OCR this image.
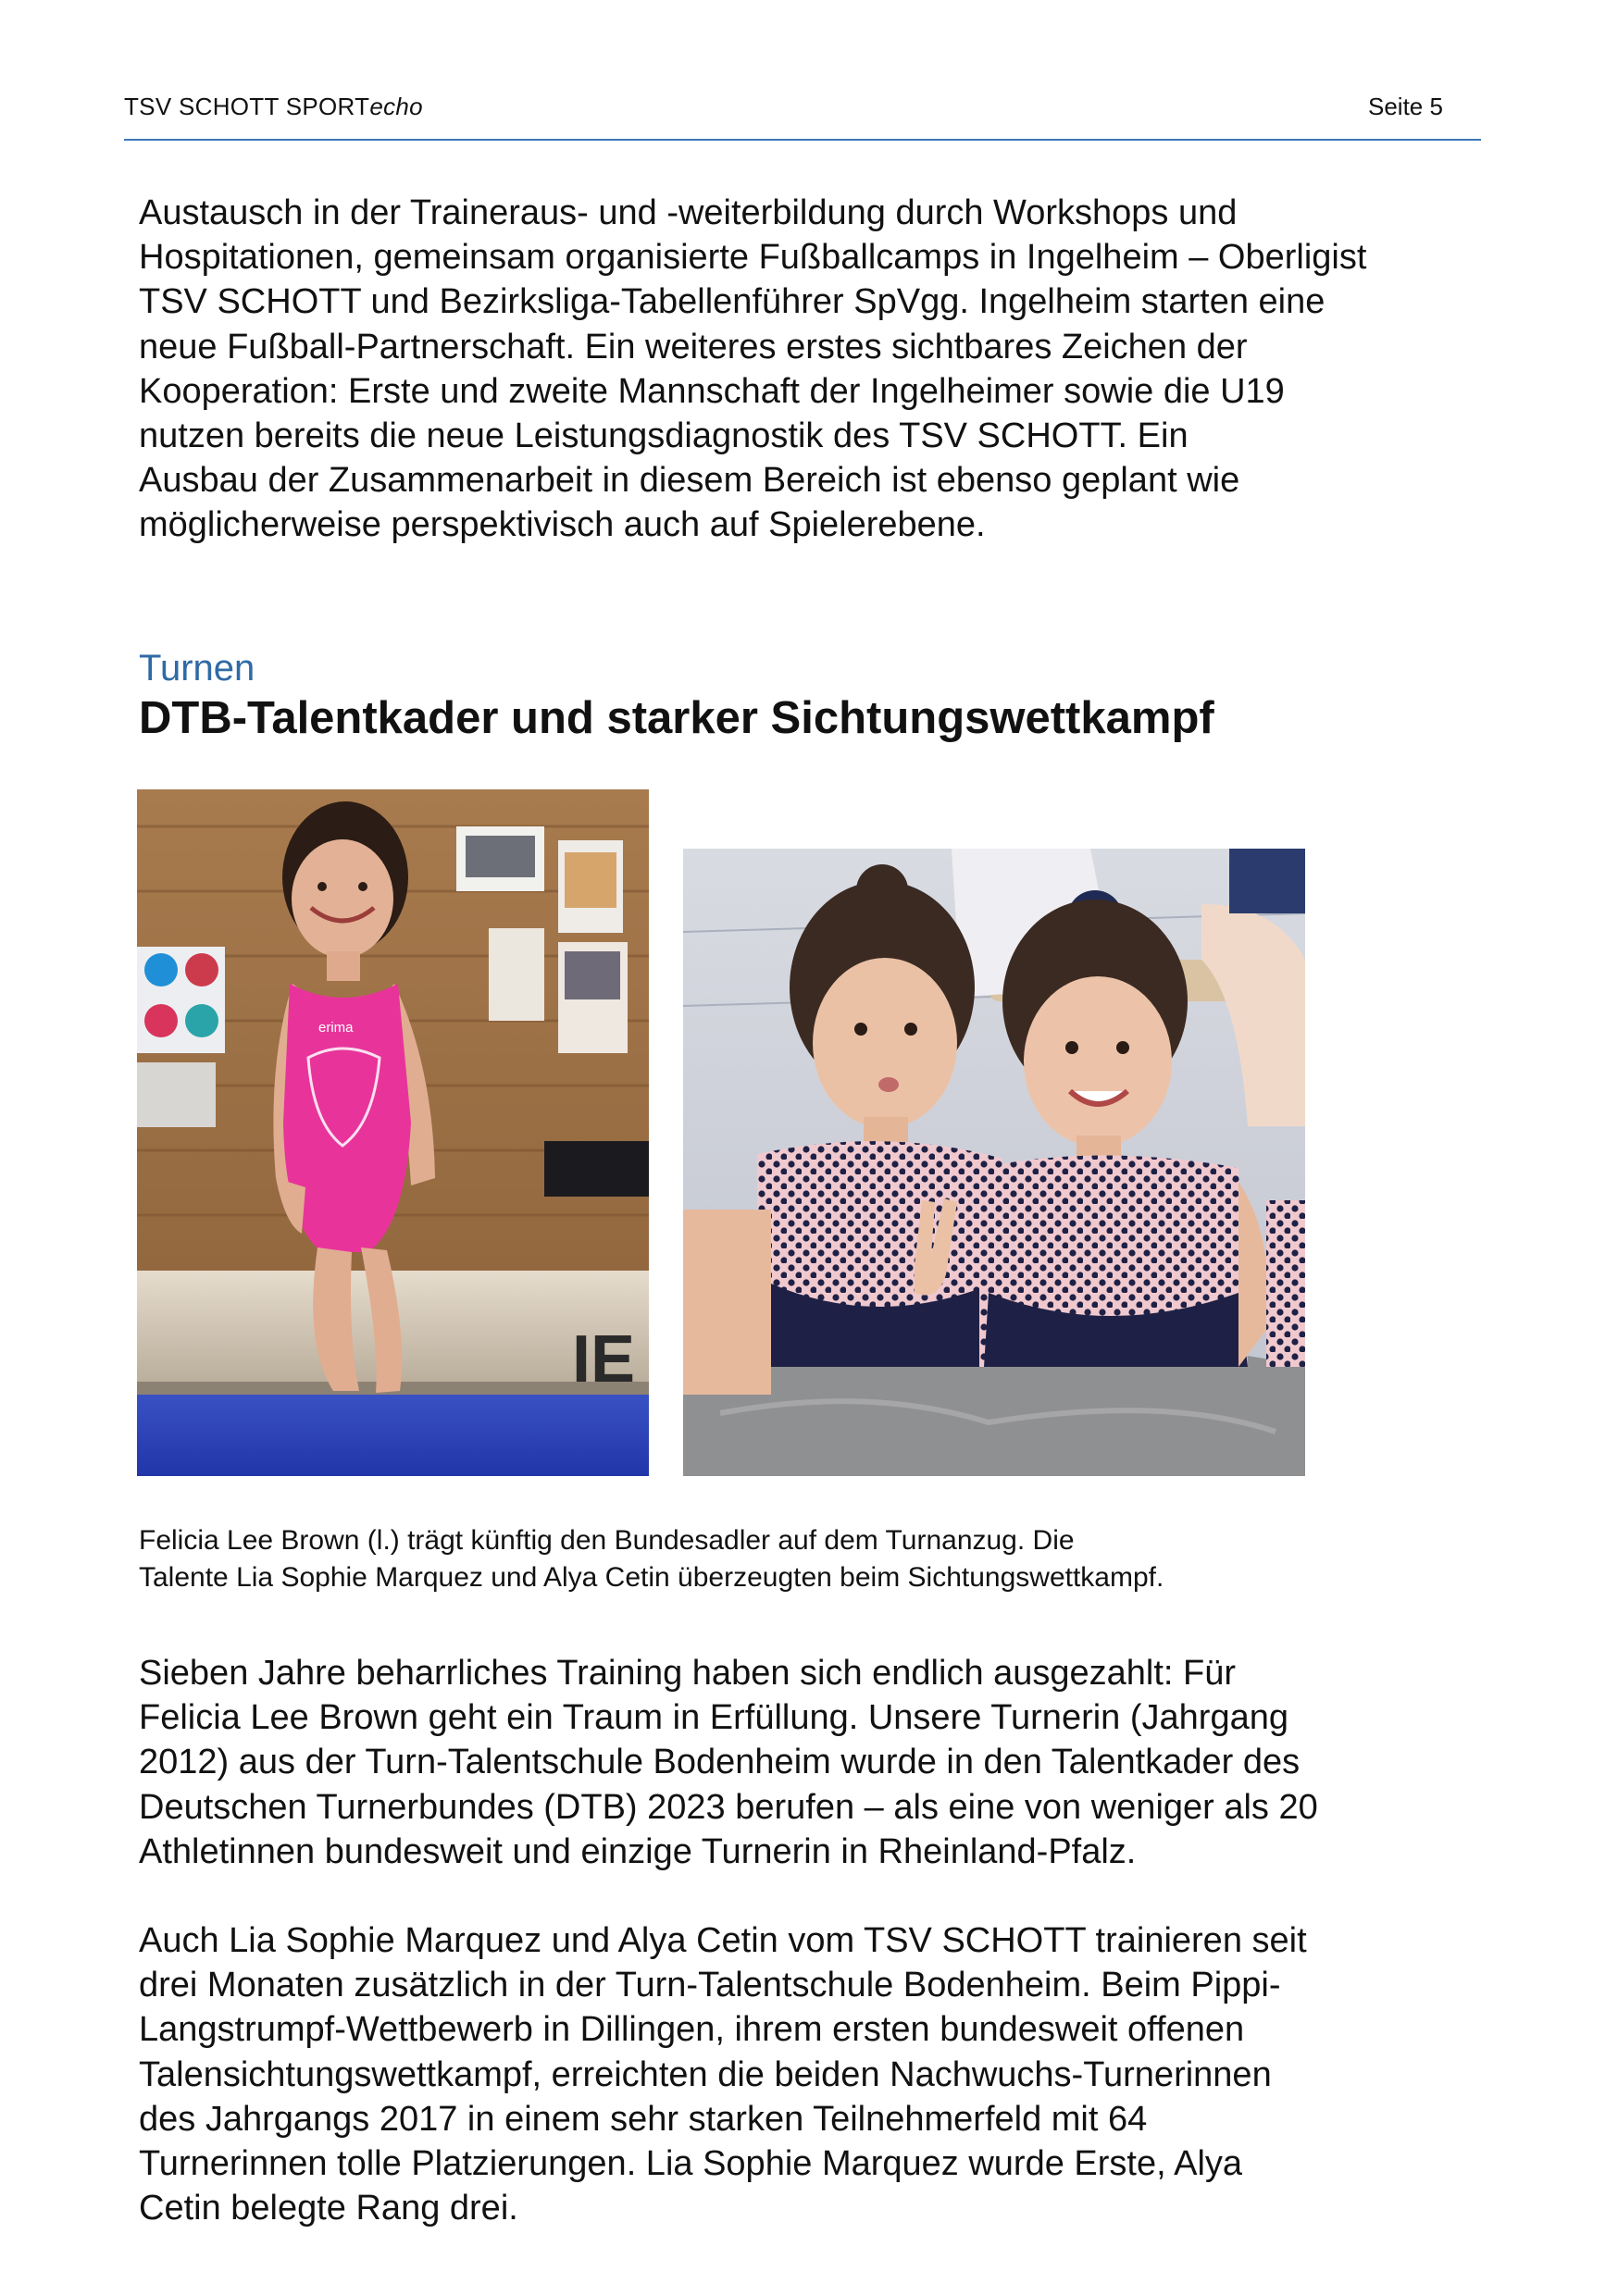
TSV SCHOTT SPORTecho	Seite 5

Austausch in der Traineraus- und -weiterbildung durch Workshops und
Hospitationen, gemeinsam organisierte Fußballcamps in Ingelheim – Oberligist
TSV SCHOTT und Bezirksliga-Tabellenführer SpVgg. Ingelheim starten eine
neue Fußball-Partnerschaft. Ein weiteres erstes sichtbares Zeichen der
Kooperation: Erste und zweite Mannschaft der Ingelheimer sowie die U19
nutzen bereits die neue Leistungsdiagnostik des TSV SCHOTT. Ein
Ausbau der Zusammenarbeit in diesem Bereich ist ebenso geplant wie
möglicherweise perspektivisch auch auf Spielerebene.

Turnen
DTB-Talentkader und starker Sichtungswettkampf
IE
erima

Felicia Lee Brown (l.) trägt künftig den Bundesadler auf dem Turnanzug. Die
Talente Lia Sophie Marquez und Alya Cetin überzeugten beim Sichtungswettkampf.

Sieben Jahre beharrliches Training haben sich endlich ausgezahlt: Für
Felicia Lee Brown geht ein Traum in Erfüllung. Unsere Turnerin (Jahrgang
2012) aus der Turn-Talentschule Bodenheim wurde in den Talentkader des
Deutschen Turnerbundes (DTB) 2023 berufen – als eine von weniger als 20
Athletinnen bundesweit und einzige Turnerin in Rheinland-Pfalz.

Auch Lia Sophie Marquez und Alya Cetin vom TSV SCHOTT trainieren seit
drei Monaten zusätzlich in der Turn-Talentschule Bodenheim. Beim Pippi-
Langstrumpf-Wettbewerb in Dillingen, ihrem ersten bundesweit offenen
Talensichtungswettkampf, erreichten die beiden Nachwuchs-Turnerinnen
des Jahrgangs 2017 in einem sehr starken Teilnehmerfeld mit 64
Turnerinnen tolle Platzierungen. Lia Sophie Marquez wurde Erste, Alya
Cetin belegte Rang drei.
